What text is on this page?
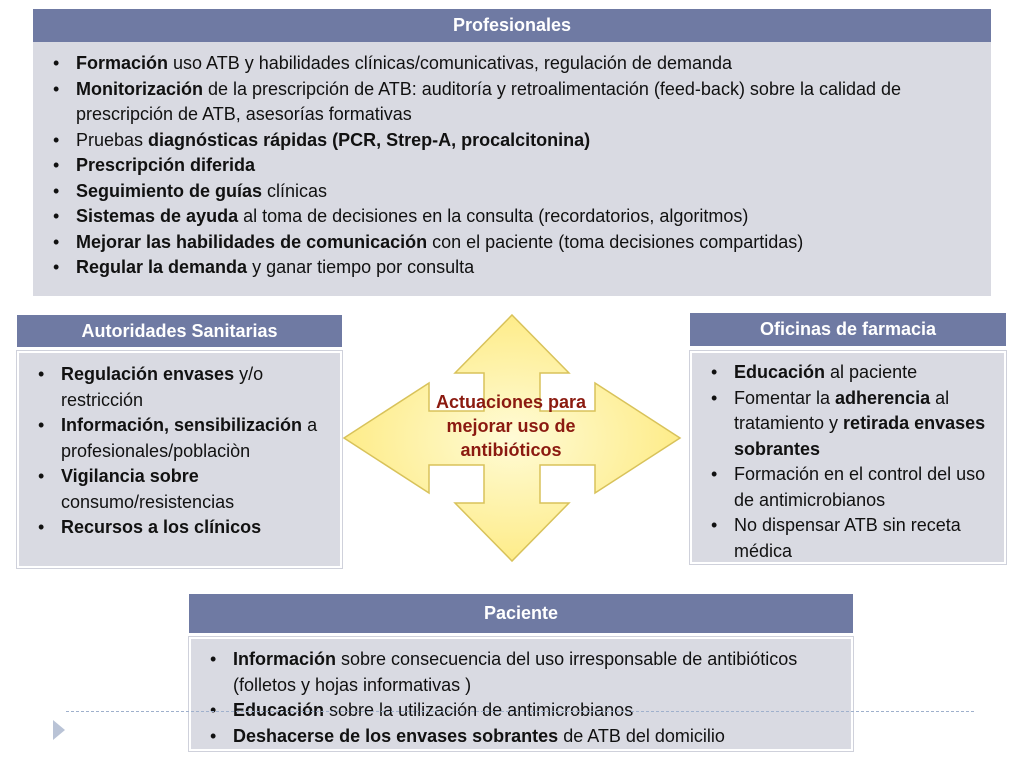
Profesionales
• Formación uso ATB y habilidades clínicas/comunicativas, regulación de demanda
• Monitorización de la prescripción de ATB: auditoría y retroalimentación (feed-back) sobre la calidad de prescripción de ATB, asesorías formativas
• Pruebas diagnósticas rápidas (PCR, Strep-A, procalcitonina)
• Prescripción diferida
• Seguimiento de guías clínicas
• Sistemas de ayuda al toma de decisiones en la consulta (recordatorios, algoritmos)
• Mejorar las habilidades de comunicación con el paciente (toma decisiones compartidas)
• Regular la demanda y ganar tiempo por consulta
Autoridades Sanitarias
• Regulación envases y/o restricción
• Información, sensibilización a profesionales/poblaciòn
• Vigilancia sobre consumo/resistencias
• Recursos a los clínicos
Actuaciones para mejorar uso de antibióticos
Oficinas de farmacia
• Educación al paciente
• Fomentar la adherencia al tratamiento y retirada envases sobrantes
• Formación en el control del uso de antimicrobianos
• No dispensar ATB sin receta médica
Paciente
• Información sobre consecuencia del uso irresponsable de antibióticos (folletos y hojas informativas )
• Educación sobre la utilización de antimicrobianos
• Deshacerse de los envases sobrantes de ATB del domicilio
